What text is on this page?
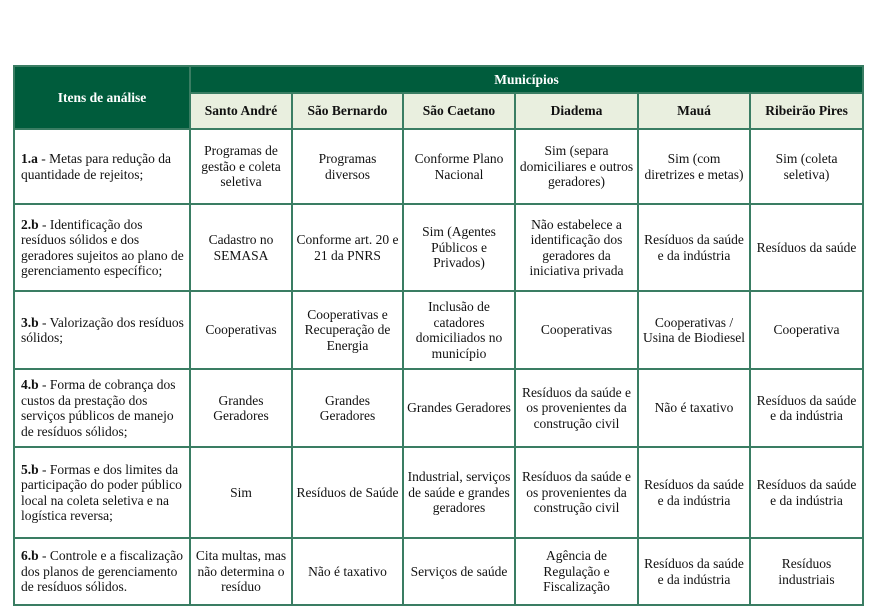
Itens de análise	Municípios					
	Santo André	São Bernardo	São Caetano	Diadema	Mauá	Ribeirão Pires
1.a - Metas para redução da quantidade de rejeitos;	Programas de gestão e coleta seletiva	Programas diversos	Conforme Plano Nacional	Sim (separa domiciliares e outros geradores)	Sim (com diretrizes e metas)	Sim (coleta seletiva)
2.b - Identificação dos resíduos sólidos e dos geradores sujeitos ao plano de gerenciamento específico;	Cadastro no SEMASA	Conforme art. 20 e 21 da PNRS	Sim (Agentes Públicos e Privados)	Não estabelece a identificação dos geradores da iniciativa privada	Resíduos da saúde e da indústria	Resíduos da saúde
3.b - Valorização dos resíduos sólidos;	Cooperativas	Cooperativas e Recuperação de Energia	Inclusão de catadores domiciliados no município	Cooperativas	Cooperativas / Usina de Biodiesel	Cooperativa
4.b - Forma de cobrança dos custos da prestação dos serviços públicos de manejo de resíduos sólidos;	Grandes Geradores	Grandes Geradores	Grandes Geradores	Resíduos da saúde e os provenientes da construção civil	Não é taxativo	Resíduos da saúde e da indústria
5.b - Formas e dos limites da participação do poder público local na coleta seletiva e na logística reversa;	Sim	Resíduos de Saúde	Industrial, serviços de saúde e grandes geradores	Resíduos da saúde e os provenientes da construção civil	Resíduos da saúde e da indústria	Resíduos da saúde e da indústria
6.b - Controle e a fiscalização dos planos de gerenciamento de resíduos sólidos.	Cita multas, mas não determina o resíduo	Não é taxativo	Serviços de saúde	Agência de Regulação e Fiscalização	Resíduos da saúde e da indústria	Resíduos industriais
